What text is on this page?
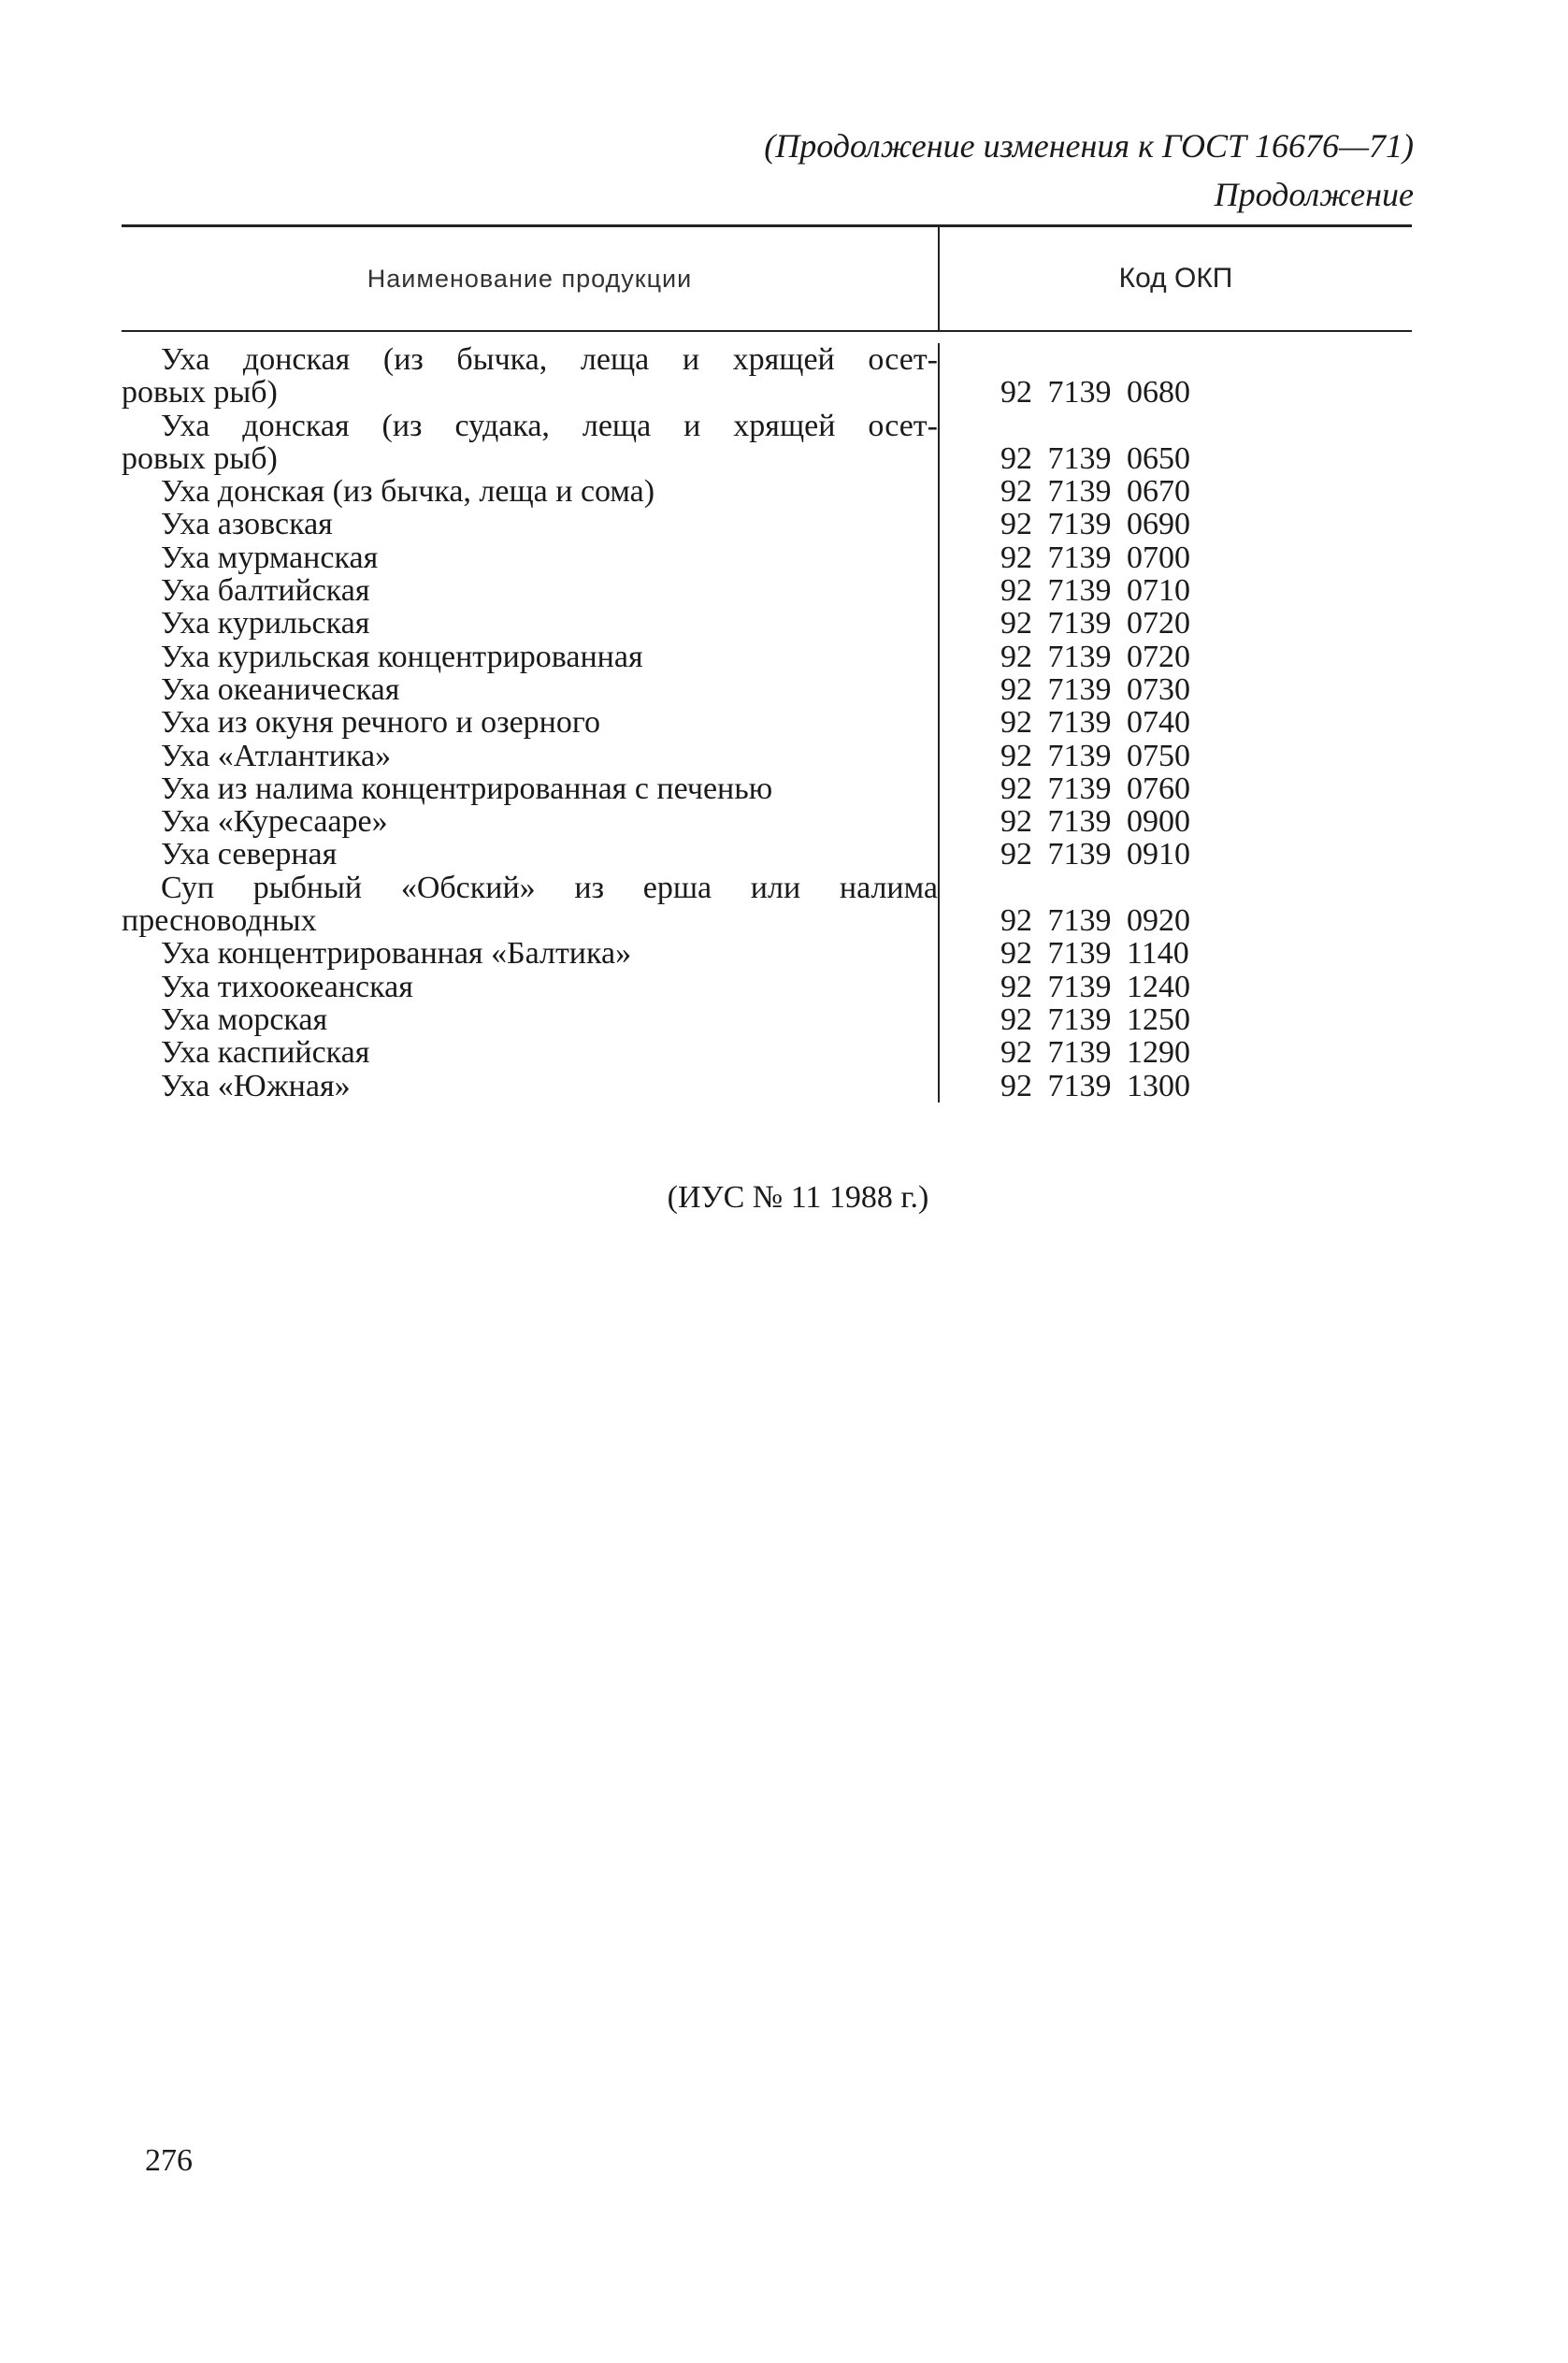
(Продолжение изменения к ГОСТ 16676—71)
Продолжение
Наименование продукции	Код ОКП
Уха донская (из бычка, леща и хрящей осет-
ровых рыб)
Уха донская (из судака, леща и хрящей осет-
ровых рыб)
Уха донская (из бычка, леща и сома)
Уха азовская
Уха мурманская
Уха балтийская
Уха курильская
Уха курильская концентрированная
Уха океаническая
Уха из окуня речного и озерного
Уха «Атлантика»
Уха из налима концентрированная с печенью
Уха «Куресааре»
Уха северная
Суп рыбный «Обский» из ерша или налима
пресноводных
Уха концентрированная «Балтика»
Уха тихоокеанская
Уха морская
Уха каспийская
Уха «Южная»
92 7139 0680
92 7139 0650
92 7139 0670
92 7139 0690
92 7139 0700
92 7139 0710
92 7139 0720
92 7139 0720
92 7139 0730
92 7139 0740
92 7139 0750
92 7139 0760
92 7139 0900
92 7139 0910
92 7139 0920
92 7139 1140
92 7139 1240
92 7139 1250
92 7139 1290
92 7139 1300
(ИУС № 11 1988 г.)
276
